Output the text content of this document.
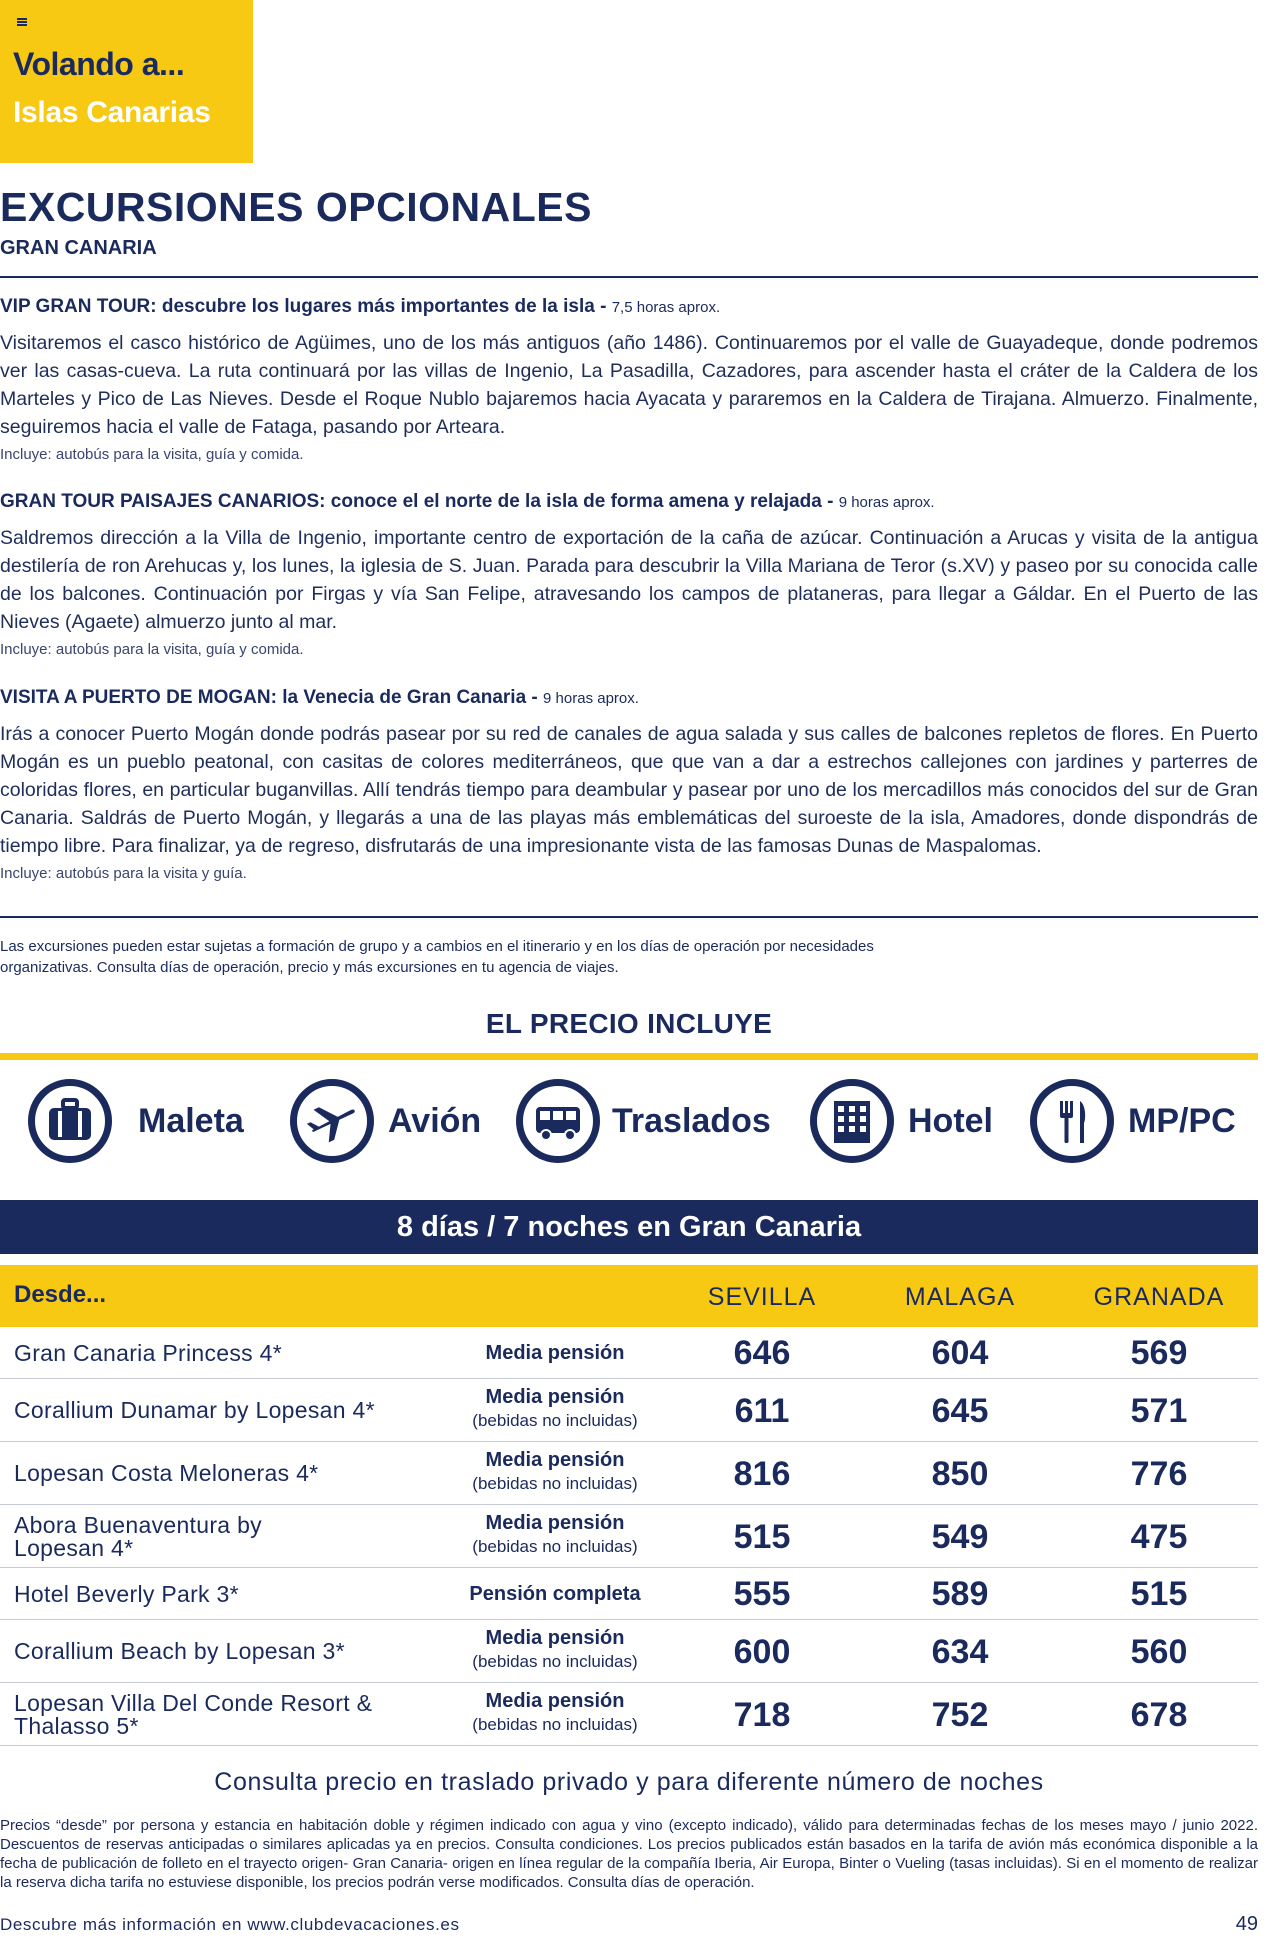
Volando a...
Islas Canarias
EXCURSIONES OPCIONALES
GRAN CANARIA
VIP GRAN TOUR: descubre los lugares más importantes de la isla - 7,5 horas aprox.

Visitaremos el casco histórico de Agüimes, uno de los más antiguos (año 1486). Continuaremos por el valle de Guayadeque, donde podremos ver las casas-cueva. La ruta continuará por las villas de Ingenio, La Pasadilla, Cazadores, para ascender hasta el cráter de la Caldera de los Marteles y Pico de Las Nieves. Desde el Roque Nublo bajaremos hacia Ayacata y pararemos en la Caldera de Tirajana. Almuerzo. Finalmente, seguiremos hacia el valle de Fataga, pasando por Arteara.

Incluye: autobús para la visita, guía y comida.
GRAN TOUR PAISAJES CANARIOS: conoce el el norte de la isla de forma amena y relajada - 9 horas aprox.

Saldremos dirección a la Villa de Ingenio, importante centro de exportación de la caña de azúcar. Continuación a Arucas y visita de la antigua destilería de ron Arehucas y, los lunes, la iglesia de S. Juan. Parada para descubrir la Villa Mariana de Teror (s.XV) y paseo por su conocida calle de los balcones. Continuación por Firgas y vía San Felipe, atravesando los campos de plataneras, para llegar a Gáldar. En el Puerto de las Nieves (Agaete) almuerzo junto al mar.

Incluye: autobús para la visita, guía y comida.
VISITA A PUERTO DE MOGAN: la Venecia de Gran Canaria - 9 horas aprox.

Irás a conocer Puerto Mogán donde podrás pasear por su red de canales de agua salada y sus calles de balcones repletos de flores. En Puerto Mogán es un pueblo peatonal, con casitas de colores mediterráneos, que que van a dar a estrechos callejones con jardines y parterres de coloridas flores, en particular buganvillas. Allí tendrás tiempo para deambular y pasear por uno de los mercadillos más conocidos del sur de Gran Canaria. Saldrás de Puerto Mogán, y llegarás a una de las playas más emblemáticas del suroeste de la isla, Amadores, donde dispondrás de tiempo libre. Para finalizar, ya de regreso, disfrutarás de una impresionante vista de las famosas Dunas de Maspalomas.

Incluye: autobús para la visita y guía.

Las excursiones pueden estar sujetas a formación de grupo y a cambios en el itinerario y en los días de operación por necesidades organizativas. Consulta días de operación, precio y más excursiones en tu agencia de viajes.

EL PRECIO INCLUYE
Maleta	Avión	Traslados	Hotel	MP/PC
8 días / 7 noches en Gran Canaria
Desde...	SEVILLA	MALAGA	GRANADA
Gran Canaria Princess 4*	Media pensión	646	604	569
Corallium Dunamar by Lopesan 4*	Media pensión
(bebidas no incluidas)	611	645	571
Lopesan Costa Meloneras 4*	Media pensión
(bebidas no incluidas)	816	850	776
Abora Buenaventura by Lopesan 4*
Media pensión
(bebidas no incluidas)	515	549	475
Hotel Beverly Park 3*	Pensión completa	555	589	515
Corallium Beach by Lopesan 3*	Media pensión
(bebidas no incluidas)	600	634	560
Lopesan Villa Del Conde Resort & Thalasso 5*
Media pensión
(bebidas no incluidas)	718	752	678
Consulta precio en traslado privado y para diferente número de noches

Precios “desde” por persona y estancia en habitación doble y régimen indicado con agua y vino (excepto indicado), válido para determinadas fechas de los meses mayo / junio 2022. Descuentos de reservas anticipadas o similares aplicadas ya en precios. Consulta condiciones. Los precios publicados están basados en la tarifa de avión más económica disponible a la fecha de publicación de folleto en el trayecto origen- Gran Canaria- origen en línea regular de la compañía Iberia, Air Europa, Binter o Vueling (tasas incluidas). Si en el momento de realizar la reserva dicha tarifa no estuviese disponible, los precios podrán verse modificados. Consulta días de operación.

Descubre más información en www.clubdevacaciones.es	49
